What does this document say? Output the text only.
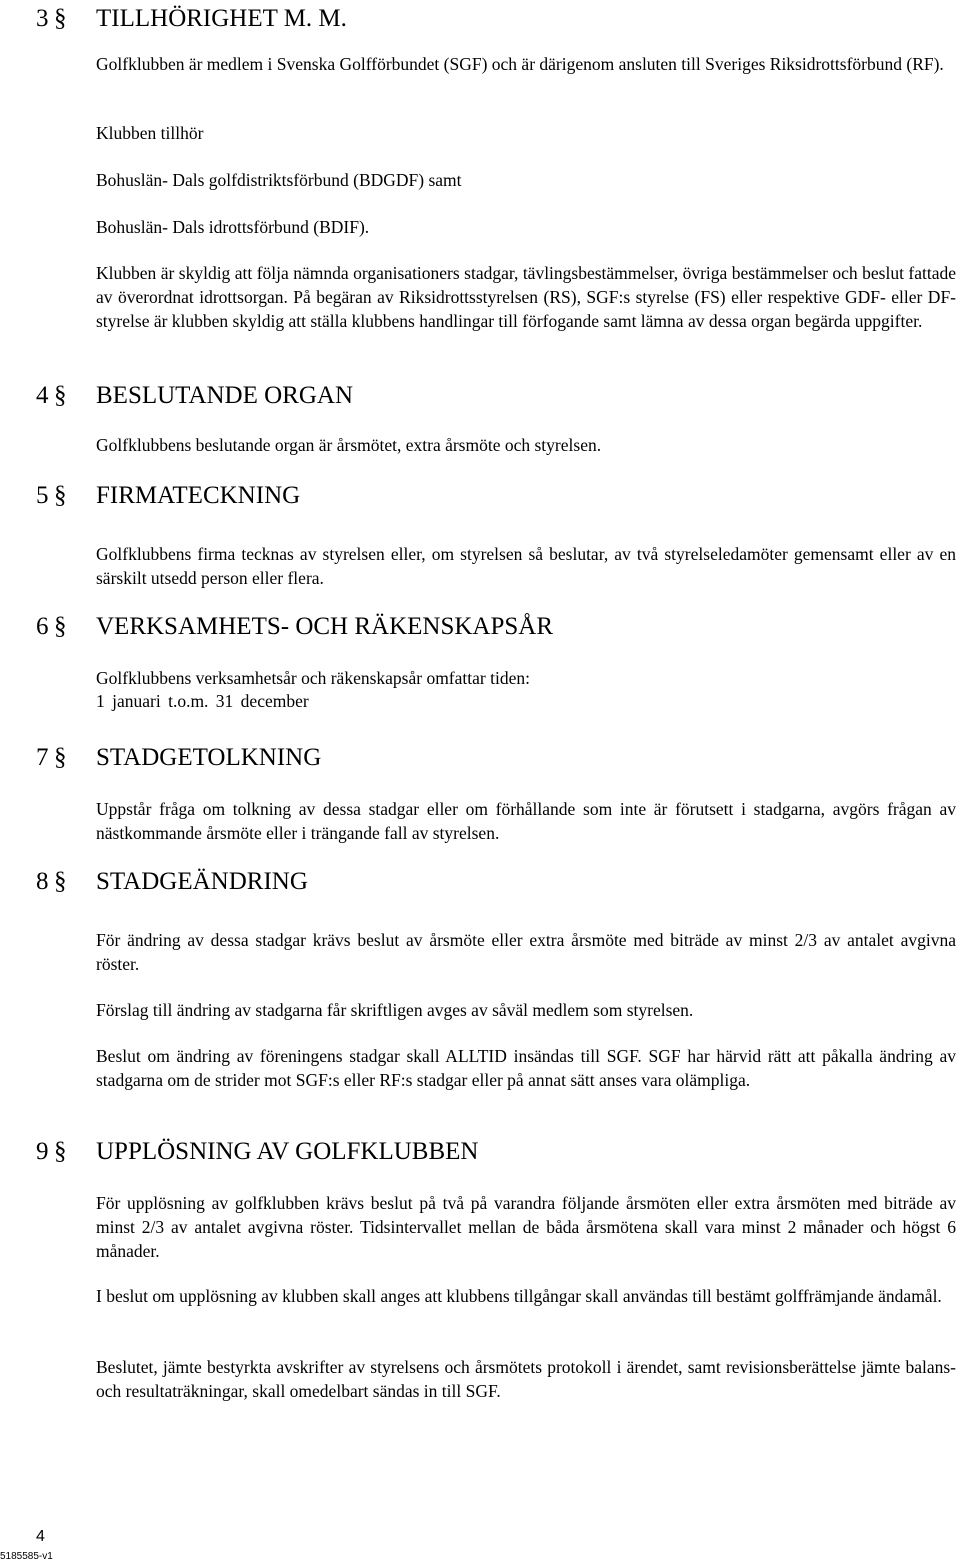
3 § TILLHÖRIGHET M. M.
Golfklubben är medlem i Svenska Golfförbundet (SGF) och är därigenom ansluten till Sveriges Riksidrottsförbund (RF).
Klubben tillhör
Bohuslän- Dals golfdistriktsförbund (BDGDF) samt
Bohuslän- Dals idrottsförbund (BDIF).
Klubben är skyldig att följa nämnda organisationers stadgar, tävlingsbestämmelser, övriga bestämmelser och beslut fattade av överordnat idrottsorgan. På begäran av Riksidrottsstyrelsen (RS), SGF:s styrelse (FS) eller respektive GDF- eller DF-styrelse är klubben skyldig att ställa klubbens handlingar till förfogande samt lämna av dessa organ begärda uppgifter.
4 § BESLUTANDE ORGAN
Golfklubbens beslutande organ är årsmötet, extra årsmöte och styrelsen.
5 § FIRMATECKNING
Golfklubbens firma tecknas av styrelsen eller, om styrelsen så beslutar, av två styrelseledamöter gemensamt eller av en särskilt utsedd person eller flera.
6 § VERKSAMHETS- OCH RÄKENSKAPSÅR
Golfklubbens verksamhetsår och räkenskapsår omfattar tiden:
1 januari t.o.m. 31 december
7 § STADGETOLKNING
Uppstår fråga om tolkning av dessa stadgar eller om förhållande som inte är förutsett i stadgarna, avgörs frågan av nästkommande årsmöte eller i trängande fall av styrelsen.
8 § STADGEÄNDRING
För ändring av dessa stadgar krävs beslut av årsmöte eller extra årsmöte med biträde av minst 2/3 av antalet avgivna röster.
Förslag till ändring av stadgarna får skriftligen avges av såväl medlem som styrelsen.
Beslut om ändring av föreningens stadgar skall ALLTID insändas till SGF. SGF har härvid rätt att påkalla ändring av stadgarna om de strider mot SGF:s eller RF:s stadgar eller på annat sätt anses vara olämpliga.
9 § UPPLÖSNING AV GOLFKLUBBEN
För upplösning av golfklubben krävs beslut på två på varandra följande årsmöten eller extra årsmöten med biträde av minst 2/3 av antalet avgivna röster. Tidsintervallet mellan de båda årsmötena skall vara minst 2 månader och högst 6 månader.
I beslut om upplösning av klubben skall anges att klubbens tillgångar skall användas till bestämt golffrämjande ändamål.
Beslutet, jämte bestyrkta avskrifter av styrelsens och årsmötets protokoll i ärendet, samt revisionsberättelse jämte balans- och resultaträkningar, skall omedelbart sändas in till SGF.
4
5185585-v1
